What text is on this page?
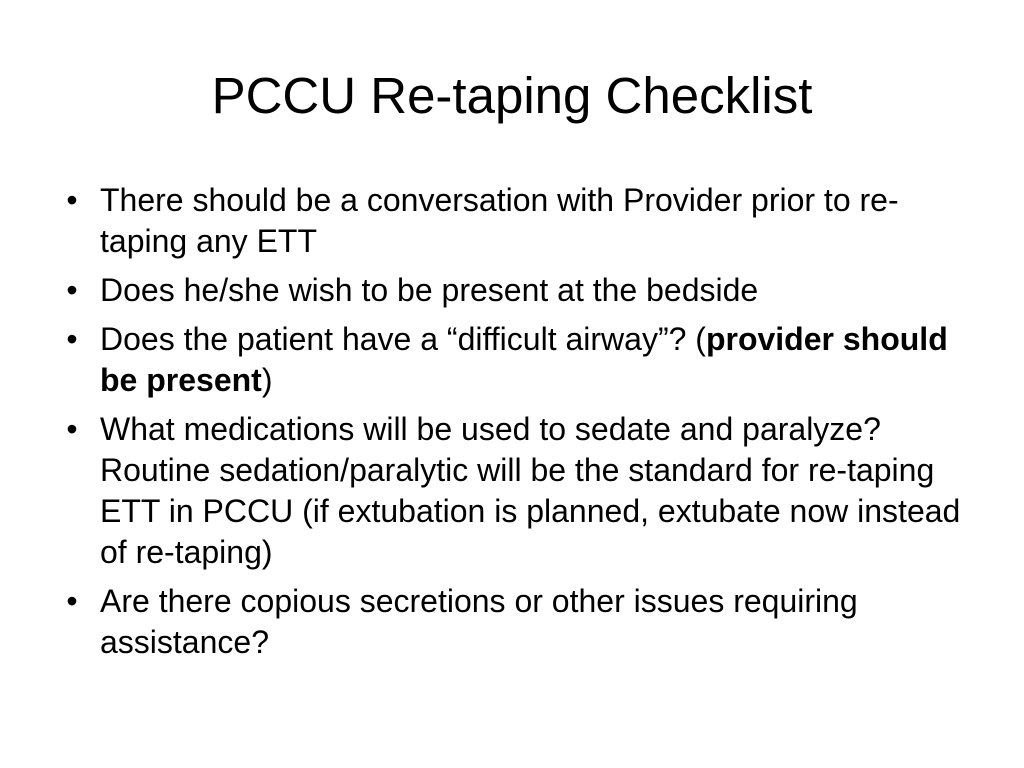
PCCU Re-taping Checklist
• There should be a conversation with Provider prior to re-taping any ETT
• Does he/she wish to be present at the bedside
• Does the patient have a “difficult airway”? (provider should be present)
• What medications will be used to sedate and paralyze? Routine sedation/paralytic will be the standard for re-taping ETT in PCCU (if extubation is planned, extubate now instead of re-taping)
• Are there copious secretions or other issues requiring assistance?
